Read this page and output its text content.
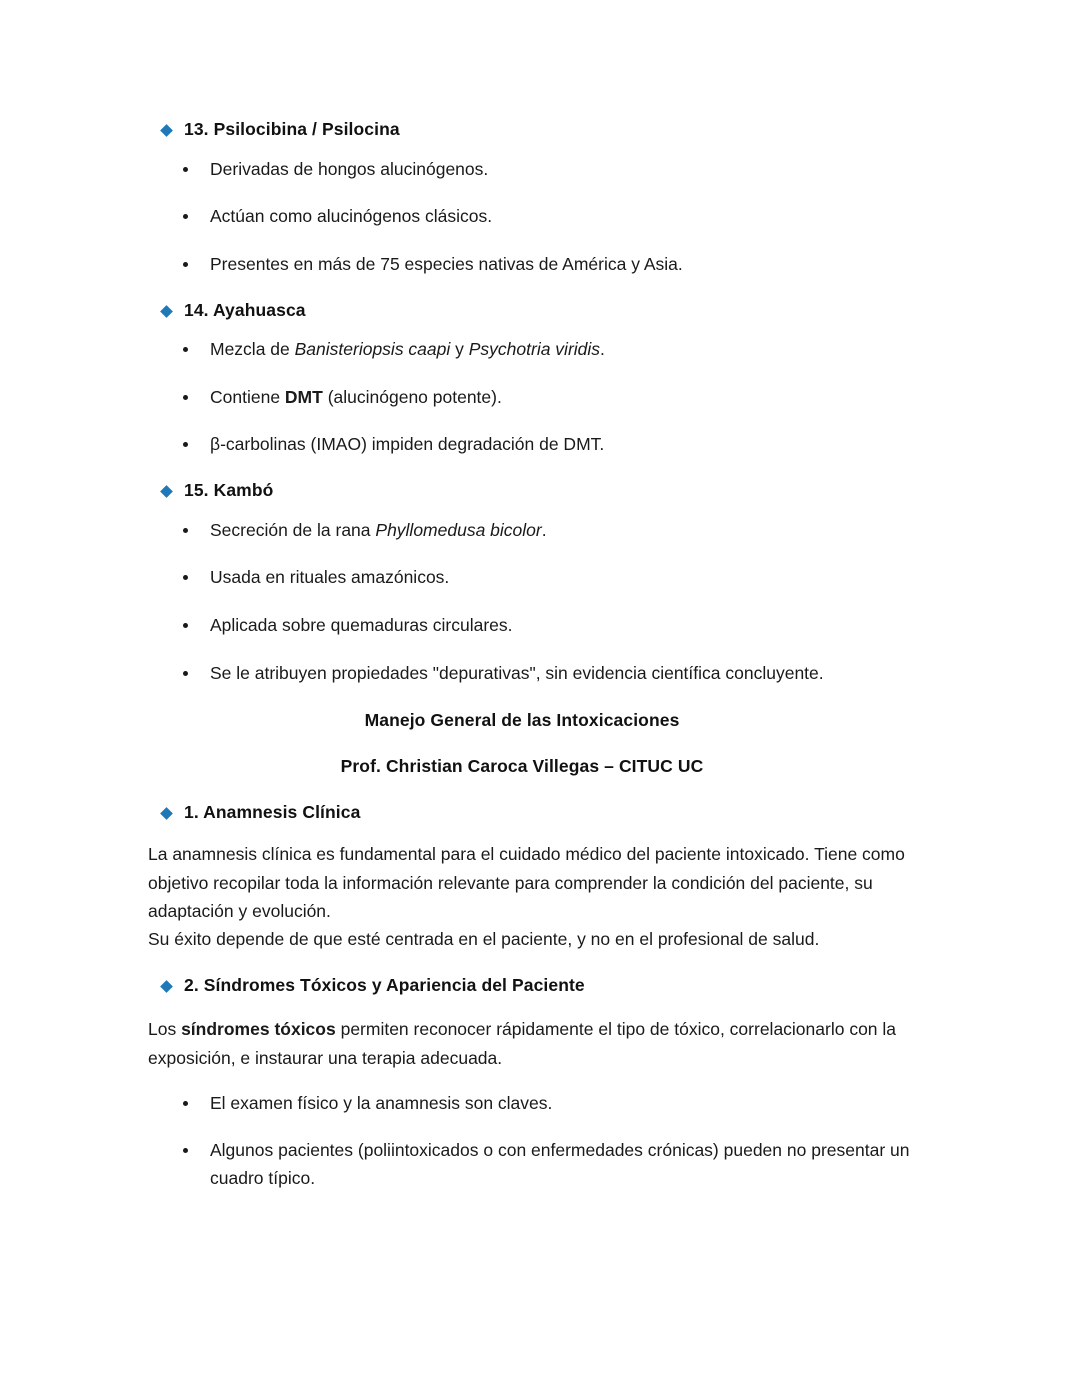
13. Psilocibina / Psilocina
Derivadas de hongos alucinógenos.
Actúan como alucinógenos clásicos.
Presentes en más de 75 especies nativas de América y Asia.
14. Ayahuasca
Mezcla de Banisteriopsis caapi y Psychotria viridis.
Contiene DMT (alucinógeno potente).
β-carbolinas (IMAO) impiden degradación de DMT.
15. Kambó
Secreción de la rana Phyllomedusa bicolor.
Usada en rituales amazónicos.
Aplicada sobre quemaduras circulares.
Se le atribuyen propiedades "depurativas", sin evidencia científica concluyente.
Manejo General de las Intoxicaciones
Prof. Christian Caroca Villegas – CITUC UC
1. Anamnesis Clínica

La anamnesis clínica es fundamental para el cuidado médico del paciente intoxicado. Tiene como objetivo recopilar toda la información relevante para comprender la condición del paciente, su adaptación y evolución.

Su éxito depende de que esté centrada en el paciente, y no en el profesional de salud.

2. Síndromes Tóxicos y Apariencia del Paciente

Los síndromes tóxicos permiten reconocer rápidamente el tipo de tóxico, correlacionarlo con la exposición, e instaurar una terapia adecuada.

El examen físico y la anamnesis son claves.
Algunos pacientes (poliintoxicados o con enfermedades crónicas) pueden no presentar un cuadro típico.
